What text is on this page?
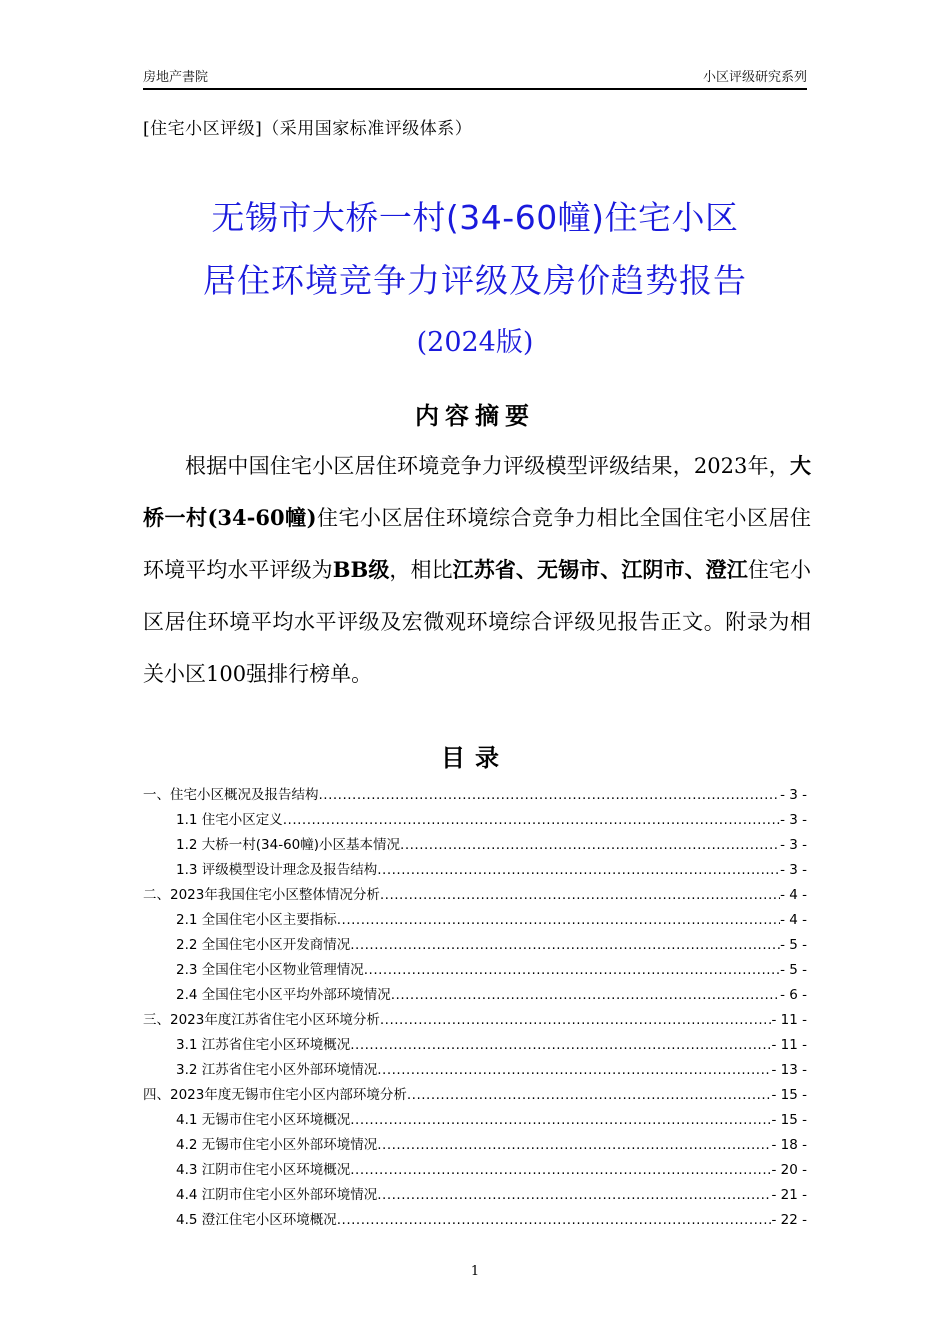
房地产書院	小区评级研究系列
[住宅小区评级]（采用国家标准评级体系）
无锡市大桥一村(34-60幢)住宅小区
居住环境竞争力评级及房价趋势报告
(2024版)
内容摘要

根据中国住宅小区居住环境竞争力评级模型评级结果，2023年，大桥一村(34-60幢)住宅小区居住环境综合竞争力相比全国住宅小区居住环境平均水平评级为BB级，相比江苏省、无锡市、江阴市、澄江住宅小区居住环境平均水平评级及宏微观环境综合评级见报告正文。附录为相关小区100强排行榜单。

目录
一、住宅小区概况及报告结构 .....	- 3 -
1.1 住宅小区定义 .....	- 3 -
1.2 大桥一村(34-60幢)小区基本情况 .....	- 3 -
1.3 评级模型设计理念及报告结构 .....	- 3 -
二、2023年我国住宅小区整体情况分析 .....	- 4 -
2.1 全国住宅小区主要指标 .....	- 4 -
2.2 全国住宅小区开发商情况 .....	- 5 -
2.3 全国住宅小区物业管理情况 .....	- 5 -
2.4 全国住宅小区平均外部环境情况 .....	- 6 -
三、2023年度江苏省住宅小区环境分析 .....	- 11 -
3.1 江苏省住宅小区环境概况 .....	- 11 -
3.2 江苏省住宅小区外部环境情况 .....	- 13 -
四、2023年度无锡市住宅小区内部环境分析 .....	- 15 -
4.1 无锡市住宅小区环境概况 .....	- 15 -
4.2 无锡市住宅小区外部环境情况 .....	- 18 -
4.3 江阴市住宅小区环境概况 .....	- 20 -
4.4 江阴市住宅小区外部环境情况 .....	- 21 -
4.5 澄江住宅小区环境概况 .....	- 22 -
1
